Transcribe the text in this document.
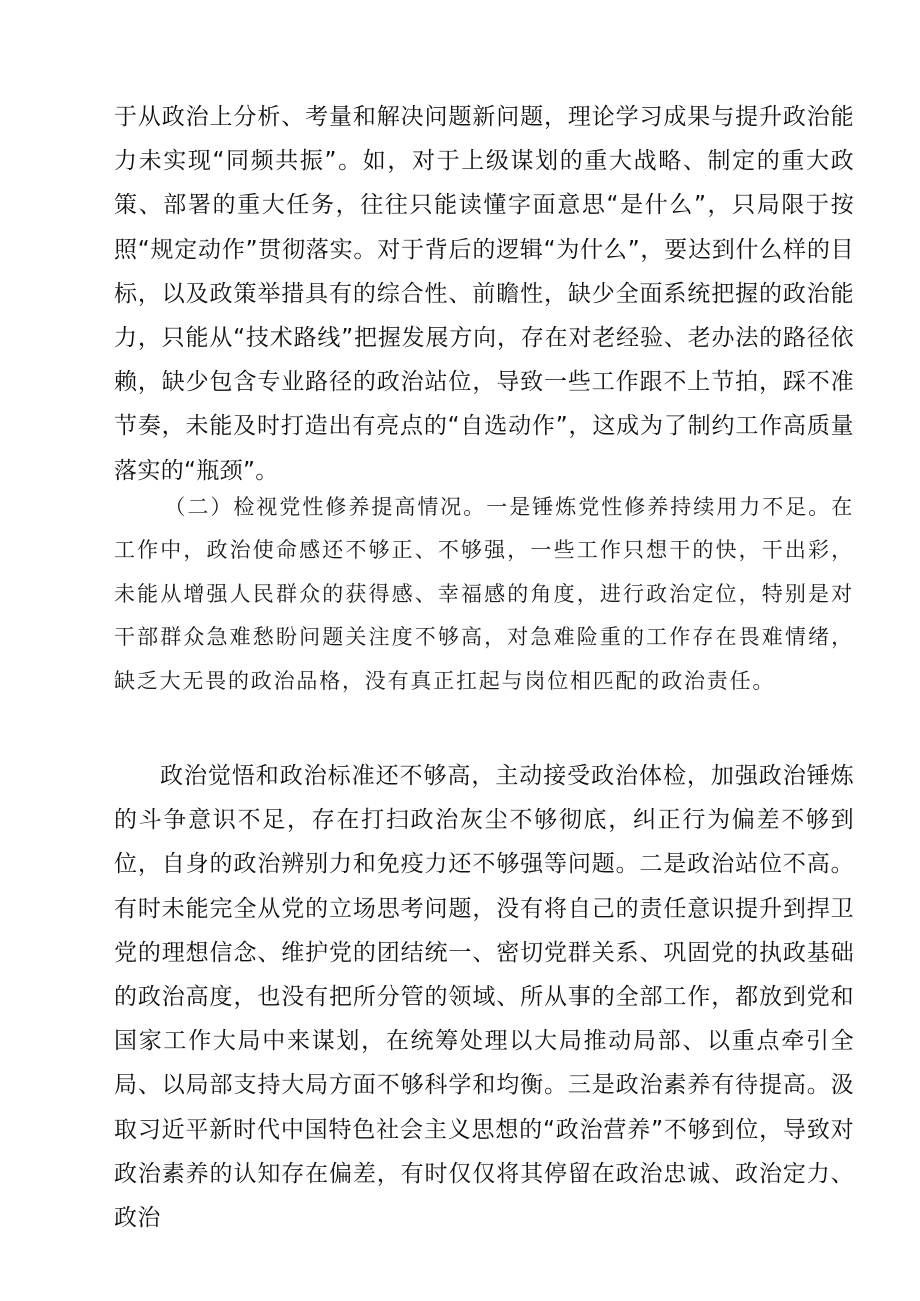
于从政治上分析、考量和解决问题新问题，理论学习成果与提升政治能力未实现“同频共振”。如，对于上级谋划的重大战略、制定的重大政策、部署的重大任务，往往只能读懂字面意思“是什么”，只局限于按照“规定动作”贯彻落实。对于背后的逻辑“为什么”，要达到什么样的目标，以及政策举措具有的综合性、前瞻性，缺少全面系统把握的政治能力，只能从“技术路线”把握发展方向，存在对老经验、老办法的路径依赖，缺少包含专业路径的政治站位，导致一些工作跟不上节拍，踩不准节奏，未能及时打造出有亮点的“自选动作”，这成为了制约工作高质量落实的“瓶颈”。

（二）检视党性修养提高情况。一是锤炼党性修养持续用力不足。在工作中，政治使命感还不够正、不够强，一些工作只想干的快，干出彩，未能从增强人民群众的获得感、幸福感的角度，进行政治定位，特别是对干部群众急难愁盼问题关注度不够高，对急难险重的工作存在畏难情绪，缺乏大无畏的政治品格，没有真正扛起与岗位相匹配的政治责任。

政治觉悟和政治标准还不够高，主动接受政治体检，加强政治锤炼的斗争意识不足，存在打扫政治灰尘不够彻底，纠正行为偏差不够到位，自身的政治辨别力和免疫力还不够强等问题。二是政治站位不高。有时未能完全从党的立场思考问题，没有将自己的责任意识提升到捍卫党的理想信念、维护党的团结统一、密切党群关系、巩固党的执政基础的政治高度，也没有把所分管的领域、所从事的全部工作，都放到党和国家工作大局中来谋划，在统筹处理以大局推动局部、以重点牵引全局、以局部支持大局方面不够科学和均衡。三是政治素养有待提高。汲取习近平新时代中国特色社会主义思想的“政治营养”不够到位，导致对政治素养的认知存在偏差，有时仅仅将其停留在政治忠诚、政治定力、政治
